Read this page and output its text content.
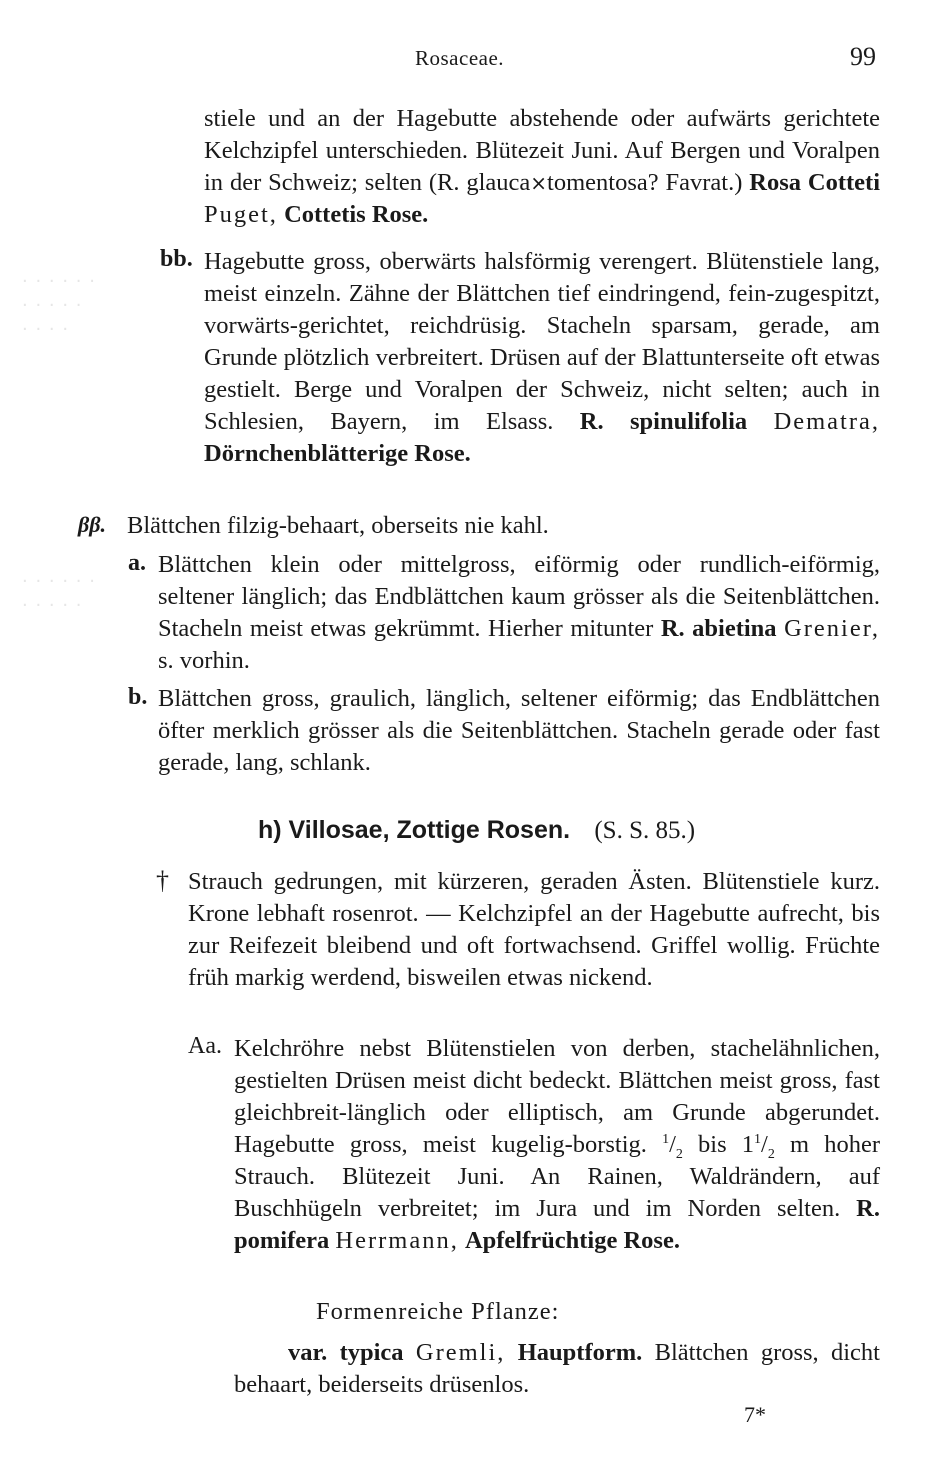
· · · · · ·
· · · · ·
· · · ·
· · · · · ·
· · · · ·
Rosaceae.	99
stiele und an der Hagebutte abstehende oder aufwärts gerichtete Kelchzipfel unterschieden. Blütezeit Juni. Auf Bergen und Voralpen in der Schweiz; selten (R. glauca×tomentosa? Favrat.) Rosa Cotteti Puget, Cottetis Rose.
bb. Hagebutte gross, oberwärts halsförmig verengert. Blütenstiele lang, meist einzeln. Zähne der Blättchen tief eindringend, fein-zugespitzt, vorwärts-gerichtet, reichdrüsig. Stacheln sparsam, gerade, am Grunde plötzlich verbreitert. Drüsen auf der Blattunterseite oft etwas gestielt. Berge und Voralpen der Schweiz, nicht selten; auch in Schlesien, Bayern, im Elsass. R. spinulifolia Dematra, Dörnchenblätterige Rose.
ββ. Blättchen filzig-behaart, oberseits nie kahl.
a. Blättchen klein oder mittelgross, eiförmig oder rundlich-eiförmig, seltener länglich; das Endblättchen kaum grösser als die Seitenblättchen. Stacheln meist etwas gekrümmt. Hierher mitunter R. abietina Grenier, s. vorhin.
b. Blättchen gross, graulich, länglich, seltener eiförmig; das Endblättchen öfter merklich grösser als die Seitenblättchen. Stacheln gerade oder fast gerade, lang, schlank.
h) Villosae, Zottige Rosen. (S. S. 85.)
† Strauch gedrungen, mit kürzeren, geraden Ästen. Blütenstiele kurz. Krone lebhaft rosenrot. — Kelchzipfel an der Hagebutte aufrecht, bis zur Reifezeit bleibend und oft fortwachsend. Griffel wollig. Früchte früh markig werdend, bisweilen etwas nickend.
Aa. Kelchröhre nebst Blütenstielen von derben, stachelähnlichen, gestielten Drüsen meist dicht bedeckt. Blättchen meist gross, fast gleichbreit-länglich oder elliptisch, am Grunde abgerundet. Hagebutte gross, meist kugelig-borstig. $^1/_2$ bis $1^1/_2$ m hoher Strauch. Blütezeit Juni. An Rainen, Waldrändern, auf Buschhügeln verbreitet; im Jura und im Norden selten. R. pomifera Herrmann, Apfelfrüchtige Rose.
Formenreiche Pflanze:
var. typica Gremli, Hauptform. Blättchen gross, dicht behaart, beiderseits drüsenlos.
7*
